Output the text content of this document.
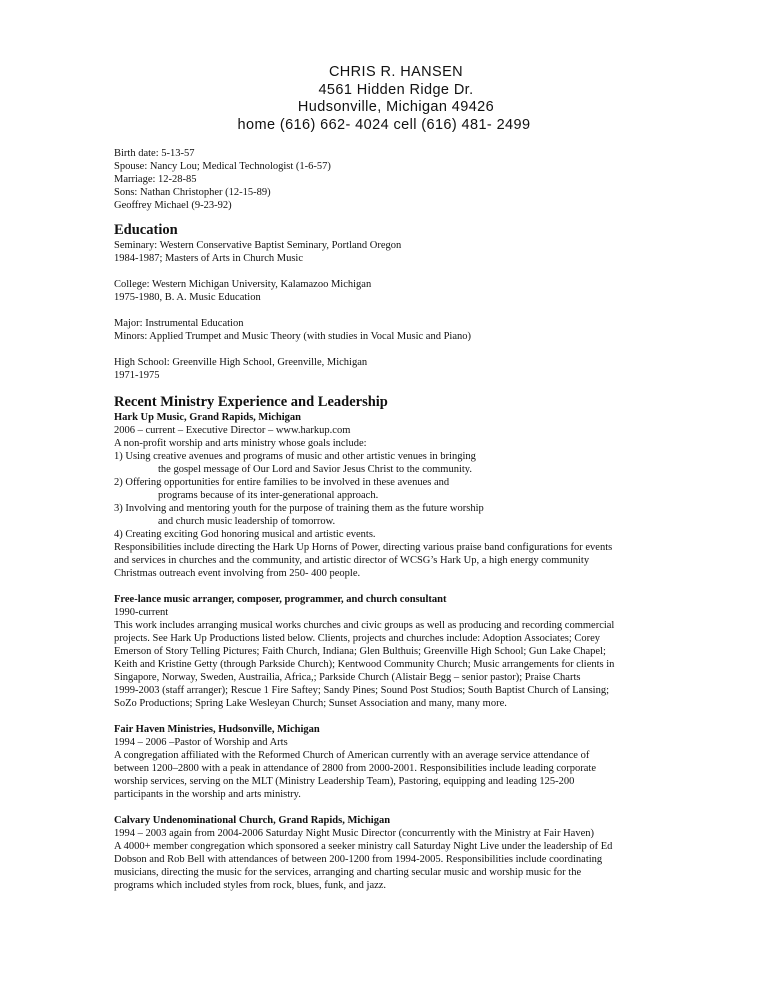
CHRIS R. HANSEN
4561 Hidden Ridge Dr.
Hudsonville, Michigan 49426
home (616) 662- 4024 cell (616) 481- 2499
Birth date: 5-13-57
Spouse: Nancy Lou; Medical Technologist (1-6-57)
Marriage: 12-28-85
Sons: Nathan Christopher (12-15-89)
Geoffrey Michael (9-23-92)
Education
Seminary: Western Conservative Baptist Seminary, Portland Oregon
1984-1987; Masters of Arts in Church Music
College: Western Michigan University, Kalamazoo Michigan
1975-1980, B. A. Music Education
Major: Instrumental Education
Minors: Applied Trumpet and Music Theory (with studies in Vocal Music and Piano)
High School: Greenville High School, Greenville, Michigan
1971-1975
Recent Ministry Experience and Leadership
Hark Up Music, Grand Rapids, Michigan
2006 – current – Executive Director – www.harkup.com
A non-profit worship and arts ministry whose goals include:
1) Using creative avenues and programs of music and other artistic venues in bringing
the gospel message of Our Lord and Savior Jesus Christ to the community.
2) Offering opportunities for entire families to be involved in these avenues and
programs because of its inter-generational approach.
3) Involving and mentoring youth for the purpose of training them as the future worship
and church music leadership of tomorrow.
4) Creating exciting God honoring musical and artistic events.
Responsibilities include directing the Hark Up Horns of Power, directing various praise band configurations for events
and services in churches and the community, and artistic director of WCSG’s Hark Up, a high energy community
Christmas outreach event involving from 250- 400 people.
Free-lance music arranger, composer, programmer, and church consultant
1990-current
This work includes arranging musical works churches and civic groups as well as producing and recording commercial
projects. See Hark Up Productions listed below. Clients, projects and churches include: Adoption Associates; Corey
Emerson of Story Telling Pictures; Faith Church, Indiana; Glen Bulthuis; Greenville High School; Gun Lake Chapel;
Keith and Kristine Getty (through Parkside Church); Kentwood Community Church; Music arrangements for clients in
Singapore, Norway, Sweden, Austrailia, Africa,; Parkside Church (Alistair Begg – senior pastor); Praise Charts
1999-2003 (staff arranger); Rescue 1 Fire Saftey; Sandy Pines; Sound Post Studios; South Baptist Church of Lansing;
SoZo Productions; Spring Lake Wesleyan Church; Sunset Association and many, many more.
Fair Haven Ministries, Hudsonville, Michigan
1994 – 2006 –Pastor of Worship and Arts
A congregation affiliated with the Reformed Church of American currently with an average service attendance of
between 1200–2800 with a peak in attendance of 2800 from 2000-2001. Responsibilities include leading corporate
worship services, serving on the MLT (Ministry Leadership Team), Pastoring, equipping and leading 125-200
participants in the worship and arts ministry.
Calvary Undenominational Church, Grand Rapids, Michigan
1994 – 2003 again from 2004-2006 Saturday Night Music Director (concurrently with the Ministry at Fair Haven)
A 4000+ member congregation which sponsored a seeker ministry call Saturday Night Live under the leadership of Ed
Dobson and Rob Bell with attendances of between 200-1200 from 1994-2005. Responsibilities include coordinating
musicians, directing the music for the services, arranging and charting secular music and worship music for the
programs which included styles from rock, blues, funk, and jazz.
